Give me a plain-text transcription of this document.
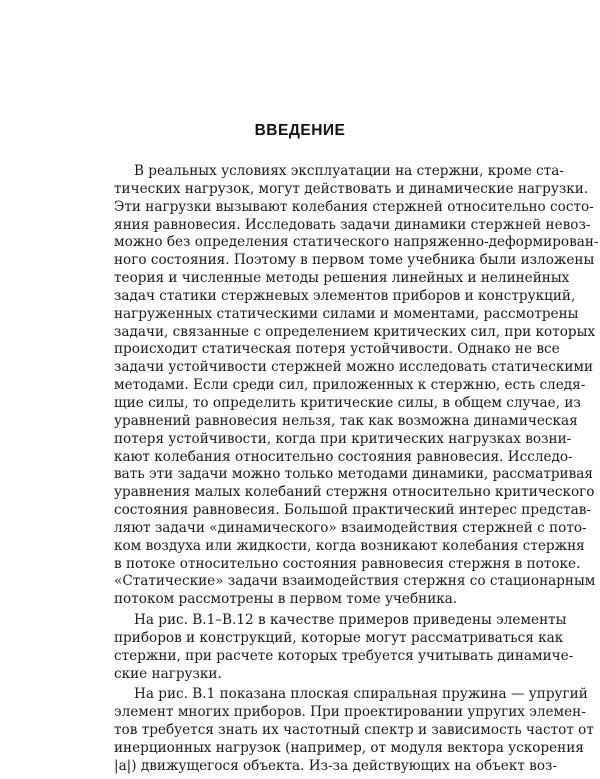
ВВЕДЕНИЕ
В реальных условиях эксплуатации на стержни, кроме ста-
тических нагрузок, могут действовать и динамические нагрузки.
Эти нагрузки вызывают колебания стержней относительно состо-
яния равновесия. Исследовать задачи динамики стержней невоз-
можно без определения статического напряженно-деформирован-
ного состояния. Поэтому в первом томе учебника были изложены
теория и численные методы решения линейных и нелинейных
задач статики стержневых элементов приборов и конструкций,
нагруженных статическими силами и моментами, рассмотрены
задачи, связанные с определением критических сил, при которых
происходит статическая потеря устойчивости. Однако не все
задачи устойчивости стержней можно исследовать статическими
методами. Если среди сил, приложенных к стержню, есть следя-
щие силы, то определить критические силы, в общем случае, из
уравнений равновесия нельзя, так как возможна динамическая
потеря устойчивости, когда при критических нагрузках возни-
кают колебания относительно состояния равновесия. Исследо-
вать эти задачи можно только методами динамики, рассматривая
уравнения малых колебаний стержня относительно критического
состояния равновесия. Большой практический интерес представ-
ляют задачи «динамического» взаимодействия стержней с пото-
ком воздуха или жидкости, когда возникают колебания стержня
в потоке относительно состояния равновесия стержня в потоке.
«Статические» задачи взаимодействия стержня со стационарным
потоком рассмотрены в первом томе учебника.
На рис. В.1–В.12 в качестве примеров приведены элементы
приборов и конструкций, которые могут рассматриваться как
стержни, при расчете которых требуется учитывать динамиче-
ские нагрузки.
На рис. В.1 показана плоская спиральная пружина — упругий
элемент многих приборов. При проектировании упругих элемен-
тов требуется знать их частотный спектр и зависимость частот от
инерционных нагрузок (например, от модуля вектора ускорения
|a|) движущегося объекта. Из-за действующих на объект воз-
